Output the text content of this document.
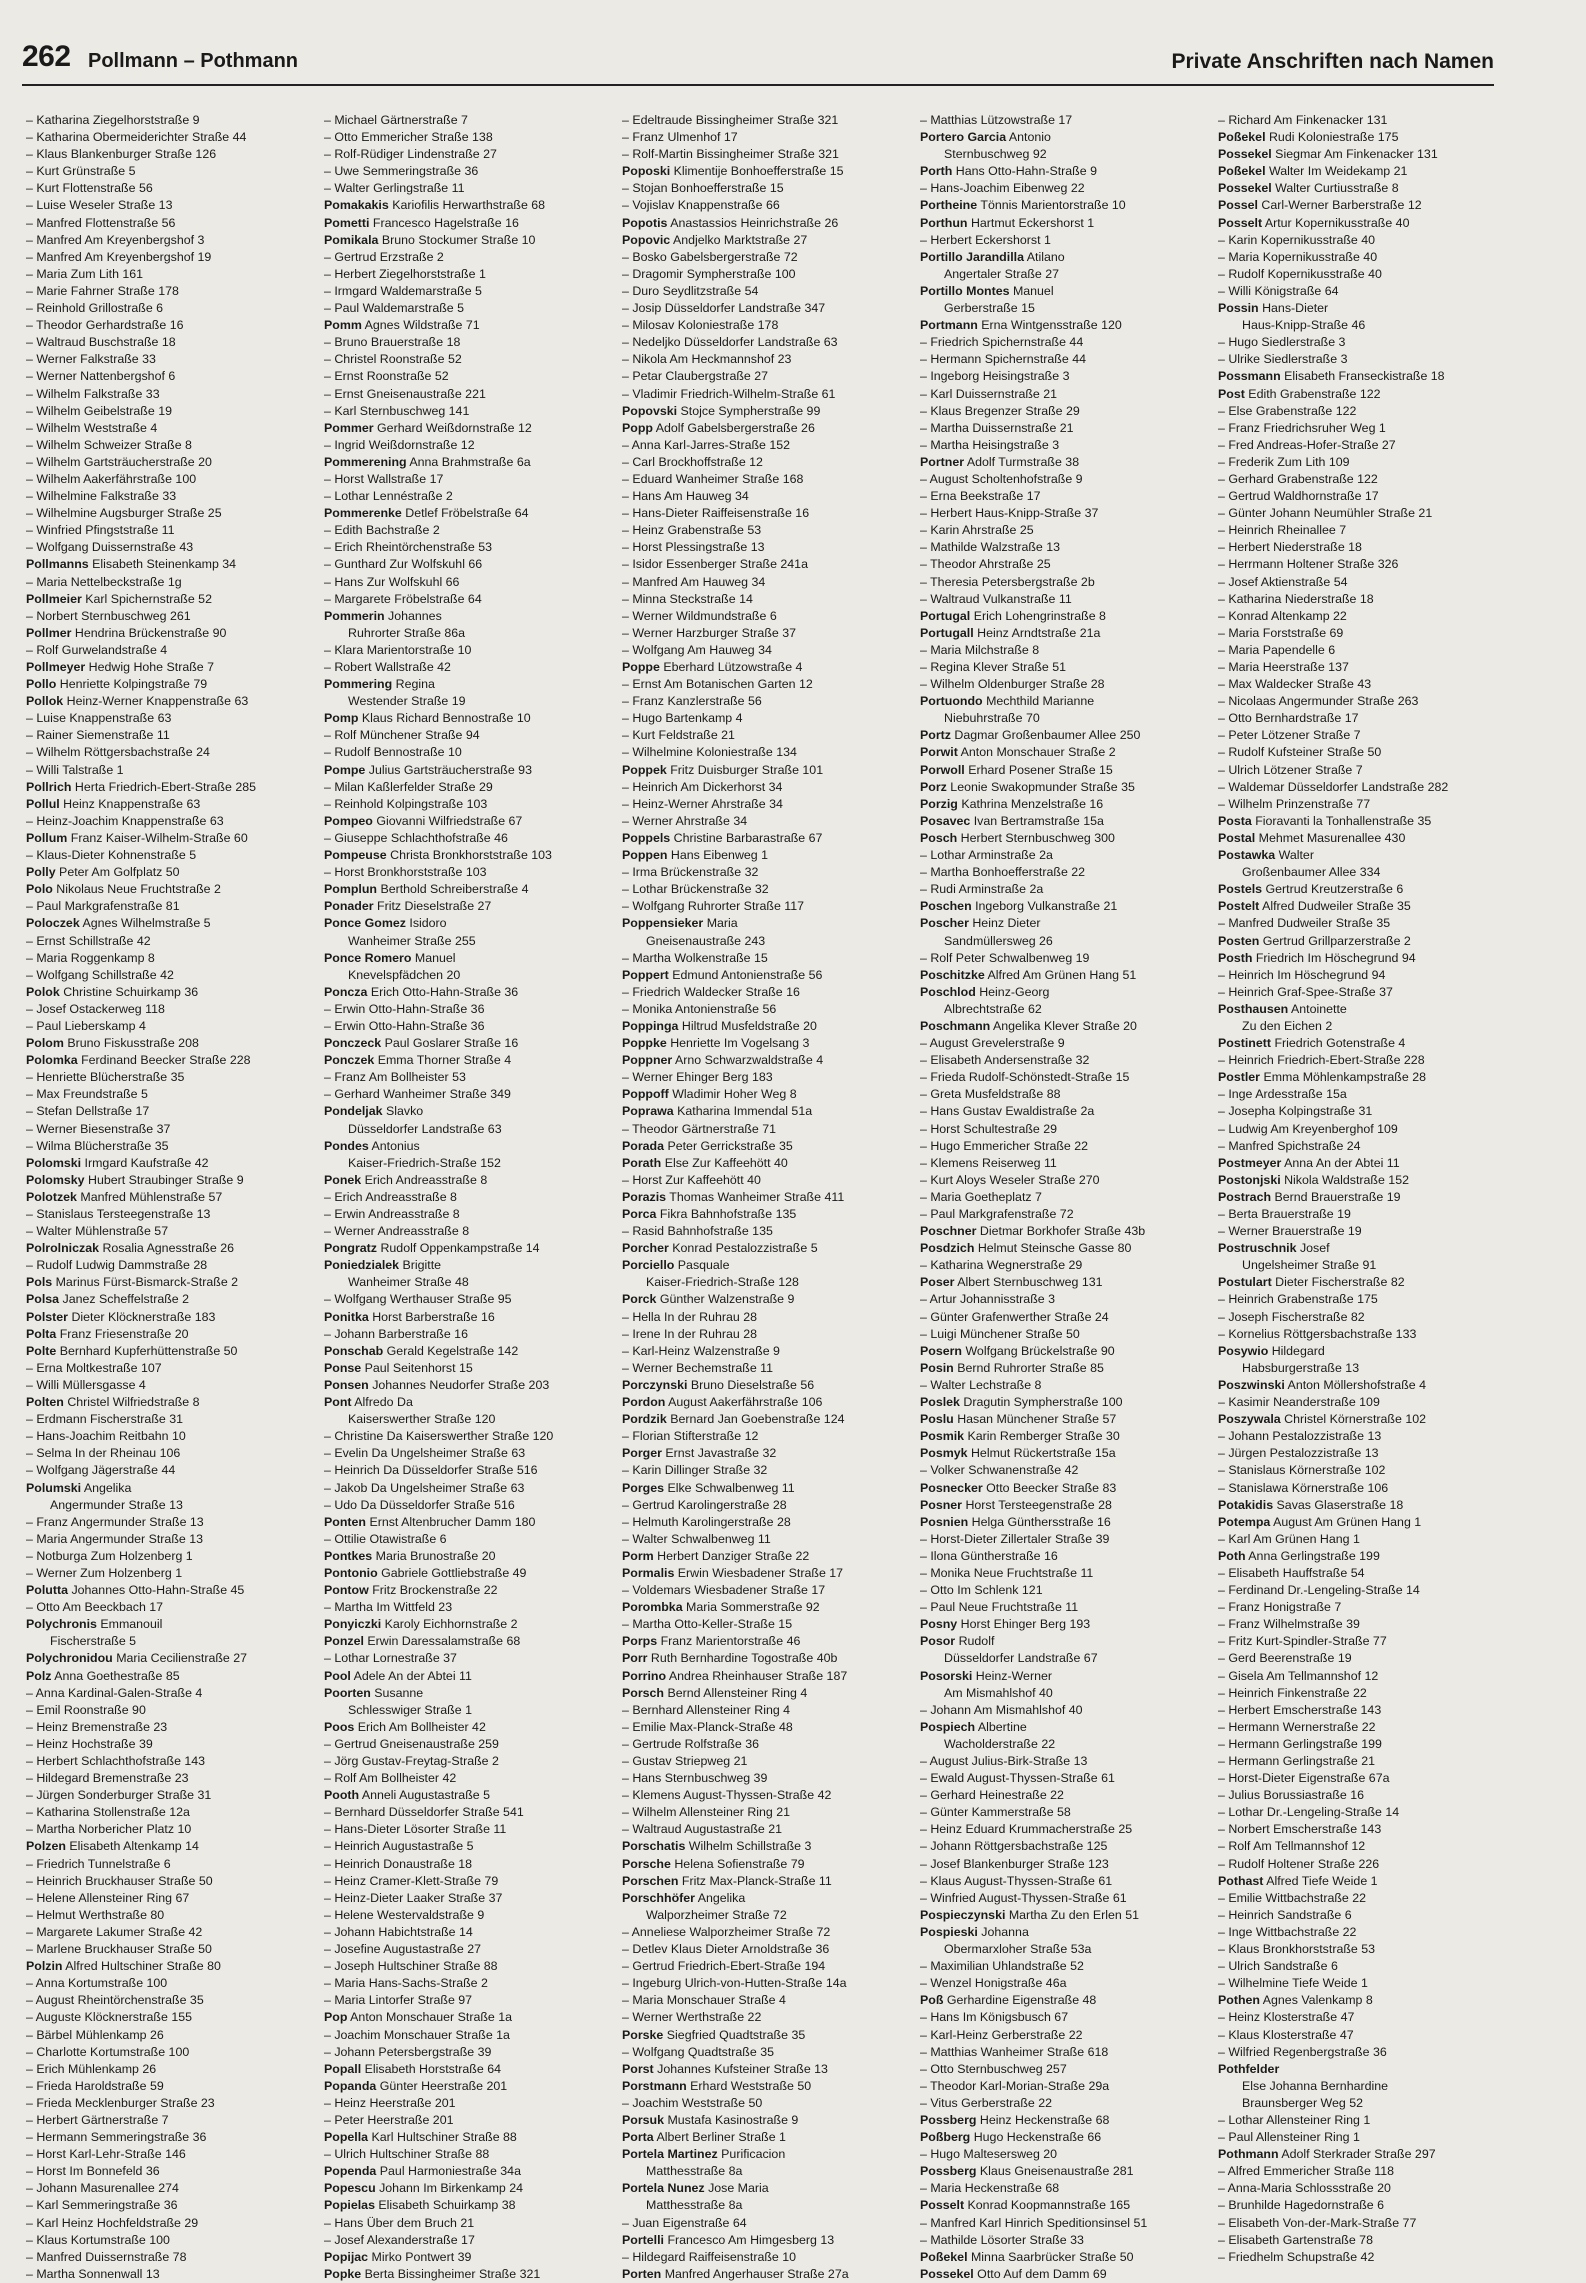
262 Pollmann – Pothmann	Private Anschriften nach Namen
– Katharina Ziegelhorststraße 9
– Katharina Obermeiderichter Straße 44
– Klaus Blankenburger Straße 126
– Kurt Grünstraße 5
– Kurt Flottenstraße 56
– Luise Weseler Straße 13
– Manfred Flottenstraße 56
– Manfred Am Kreyenbergshof 3
– Manfred Am Kreyenbergshof 19
– Maria Zum Lith 161
– Marie Fahrner Straße 178
– Reinhold Grillostraße 6
– Theodor Gerhardstraße 16
– Waltraud Buschstraße 18
– Werner Falkstraße 33
– Werner Nattenbergshof 6
– Wilhelm Falkstraße 33
– Wilhelm Geibelstraße 19
– Wilhelm Weststraße 4
– Wilhelm Schweizer Straße 8
– Wilhelm Gartsträucherstraße 20
– Wilhelm Aakerfährstraße 100
– Wilhelmine Falkstraße 33
– Wilhelmine Augsburger Straße 25
– Winfried Pfingststraße 11
– Wolfgang Duissernstraße 43
Pollmanns Elisabeth Steinenkamp 34
– Maria Nettelbeckstraße 1g
Pollmeier Karl Spichernstraße 52
– Norbert Sternbuschweg 261
Pollmer Hendrina Brückenstraße 90
– Rolf Gurwelandstraße 4
Pollmeyer Hedwig Hohe Straße 7
Pollo Henriette Kolpingstraße 79
Pollok Heinz-Werner Knappenstraße 63
– Luise Knappenstraße 63
– Rainer Siemenstraße 11
– Wilhelm Röttgersbachstraße 24
– Willi Talstraße 1
Pollrich Herta Friedrich-Ebert-Straße 285
Pollul Heinz Knappenstraße 63
– Heinz-Joachim Knappenstraße 63
Pollum Franz Kaiser-Wilhelm-Straße 60
– Klaus-Dieter Kohnenstraße 5
Polly Peter Am Golfplatz 50
Polo Nikolaus Neue Fruchtstraße 2
– Paul Markgrafenstraße 81
Poloczek Agnes Wilhelmstraße 5
– Ernst Schillstraße 42
– Maria Roggenkamp 8
– Wolfgang Schillstraße 42
Polok Christine Schuirkamp 36
– Josef Ostackerweg 118
– Paul Lieberskamp 4
Polom Bruno Fiskusstraße 208
Polomka Ferdinand Beecker Straße 228
– Henriette Blücherstraße 35
– Max Freundstraße 5
– Stefan Dellstraße 17
– Werner Biesenstraße 37
– Wilma Blücherstraße 35
Polomski Irmgard Kaufstraße 42
Polomsky Hubert Straubinger Straße 9
Polotzek Manfred Mühlenstraße 57
– Stanislaus Tersteegenstraße 13
– Walter Mühlenstraße 57
Polrolniczak Rosalia Agnesstraße 26
– Rudolf Ludwig Dammstraße 28
Pols Marinus Fürst-Bismarck-Straße 2
Polsa Janez Scheffelstraße 2
Polster Dieter Klöcknerstraße 183
Polta Franz Friesenstraße 20
Polte Bernhard Kupferhüttenstraße 50
– Erna Moltkestraße 107
– Willi Müllersgasse 4
Polten Christel Wilfriedstraße 8
– Erdmann Fischerstraße 31
– Hans-Joachim Reitbahn 10
– Selma In der Rheinau 106
– Wolfgang Jägerstraße 44
Polumski Angelika
Angermunder Straße 13
– Franz Angermunder Straße 13
– Maria Angermunder Straße 13
– Notburga Zum Holzenberg 1
– Werner Zum Holzenberg 1
Polutta Johannes Otto-Hahn-Straße 45
– Otto Am Beeckbach 17
Polychronis Emmanouil
Fischerstraße 5
Polychronidou Maria Cecilienstraße 27
Polz Anna Goethestraße 85
– Anna Kardinal-Galen-Straße 4
– Emil Roonstraße 90
– Heinz Bremenstraße 23
– Heinz Hochstraße 39
– Herbert Schlachthofstraße 143
– Hildegard Bremenstraße 23
– Jürgen Sonderburger Straße 31
– Katharina Stollenstraße 12a
– Martha Norbericher Platz 10
Polzen Elisabeth Altenkamp 14
– Friedrich Tunnelstraße 6
– Heinrich Bruckhauser Straße 50
– Helene Allensteiner Ring 67
– Helmut Werthstraße 80
– Margarete Lakumer Straße 42
– Marlene Bruckhauser Straße 50
Polzin Alfred Hultschiner Straße 80
– Anna Kortumstraße 100
– August Rheintörchenstraße 35
– Auguste Klöcknerstraße 155
– Bärbel Mühlenkamp 26
– Charlotte Kortumstraße 100
– Erich Mühlenkamp 26
– Frieda Haroldstraße 59
– Frieda Mecklenburger Straße 23
– Herbert Gärtnerstraße 7
– Hermann Semmeringstraße 36
– Horst Karl-Lehr-Straße 146
– Horst Im Bonnefeld 36
– Johann Masurenallee 274
– Karl Semmeringstraße 36
– Karl Heinz Hochfeldstraße 29
– Klaus Kortumstraße 100
– Manfred Duissernstraße 78
– Martha Sonnenwall 13
– Michael Gärtnerstraße 7
– Otto Emmericher Straße 138
– Rolf-Rüdiger Lindenstraße 27
– Uwe Semmeringstraße 36
– Walter Gerlingstraße 11
Pomakakis Kariofilis Herwarthstraße 68
Pometti Francesco Hagelstraße 16
Pomikala Bruno Stockumer Straße 10
– Gertrud Erzstraße 2
– Herbert Ziegelhorststraße 1
– Irmgard Waldemarstraße 5
– Paul Waldemarstraße 5
Pomm Agnes Wildstraße 71
– Bruno Brauerstraße 18
– Christel Roonstraße 52
– Ernst Roonstraße 52
– Ernst Gneisenaustraße 221
– Karl Sternbuschweg 141
Pommer Gerhard Weißdornstraße 12
– Ingrid Weißdornstraße 12
Pommerening Anna Brahmstraße 6a
– Horst Wallstraße 17
– Lothar Lennéstraße 2
Pommerenke Detlef Fröbelstraße 64
– Edith Bachstraße 2
– Erich Rheintörchenstraße 53
– Gunthard Zur Wolfskuhl 66
– Hans Zur Wolfskuhl 66
– Margarete Fröbelstraße 64
Pommerin Johannes
Ruhrorter Straße 86a
– Klara Marientorstraße 10
– Robert Wallstraße 42
Pommering Regina
Westender Straße 19
Pomp Klaus Richard Bennostraße 10
– Rolf Münchener Straße 94
– Rudolf Bennostraße 10
Pompe Julius Gartsträucherstraße 93
– Milan Kaßlerfelder Straße 29
– Reinhold Kolpingstraße 103
Pompeo Giovanni Wilfriedstraße 67
– Giuseppe Schlachthofstraße 46
Pompeuse Christa Bronkhorststraße 103
– Horst Bronkhorststraße 103
Pomplun Berthold Schreiberstraße 4
Ponader Fritz Dieselstraße 27
Ponce Gomez Isidoro
Wanheimer Straße 255
Ponce Romero Manuel
Knevelspfädchen 20
Poncza Erich Otto-Hahn-Straße 36
– Erwin Otto-Hahn-Straße 36
– Erwin Otto-Hahn-Straße 36
Ponczeck Paul Goslarer Straße 16
Ponczek Emma Thorner Straße 4
– Franz Am Bollheister 53
– Gerhard Wanheimer Straße 349
Pondeljak Slavko
Düsseldorfer Landstraße 63
Pondes Antonius
Kaiser-Friedrich-Straße 152
Ponek Erich Andreasstraße 8
– Erich Andreasstraße 8
– Erwin Andreasstraße 8
– Werner Andreasstraße 8
Pongratz Rudolf Oppenkampstraße 14
Poniedzialek Brigitte
Wanheimer Straße 48
– Wolfgang Werthauser Straße 95
Ponitka Horst Barberstraße 16
– Johann Barberstraße 16
Ponschab Gerald Kegelstraße 142
Ponse Paul Seitenhorst 15
Ponsen Johannes Neudorfer Straße 203
Pont Alfredo Da
Kaiserswerther Straße 120
– Christine Da Kaiserswerther Straße 120
– Evelin Da Ungelsheimer Straße 63
– Heinrich Da Düsseldorfer Straße 516
– Jakob Da Ungelsheimer Straße 63
– Udo Da Düsseldorfer Straße 516
Ponten Ernst Altenbrucher Damm 180
– Ottilie Otawistraße 6
Pontkes Maria Brunostraße 20
Pontonio Gabriele Gottliebstraße 49
Pontow Fritz Brockenstraße 22
– Martha Im Wittfeld 23
Ponyiczki Karoly Eichhornstraße 2
Ponzel Erwin Daressalamstraße 68
– Lothar Lornestraße 37
Pool Adele An der Abtei 11
Poorten Susanne
Schlesswiger Straße 1
Poos Erich Am Bollheister 42
– Gertrud Gneisenaustraße 259
– Jörg Gustav-Freytag-Straße 2
– Rolf Am Bollheister 42
Pooth Anneli Augustastraße 5
– Bernhard Düsseldorfer Straße 541
– Hans-Dieter Lösorter Straße 11
– Heinrich Augustastraße 5
– Heinrich Donaustraße 18
– Heinz Cramer-Klett-Straße 79
– Heinz-Dieter Laaker Straße 37
– Helene Westervaldstraße 9
– Johann Habichtstraße 14
– Josefine Augustastraße 27
– Joseph Hultschiner Straße 88
– Maria Hans-Sachs-Straße 2
– Maria Lintorfer Straße 97
Pop Anton Monschauer Straße 1a
– Joachim Monschauer Straße 1a
– Johann Petersbergstraße 39
Popall Elisabeth Horststraße 64
Popanda Günter Heerstraße 201
– Heinz Heerstraße 201
– Peter Heerstraße 201
Popella Karl Hultschiner Straße 88
– Ulrich Hultschiner Straße 88
Popenda Paul Harmoniestraße 34a
Popescu Johann Im Birkenkamp 24
Popielas Elisabeth Schuirkamp 38
– Hans Über dem Bruch 21
– Josef Alexanderstraße 17
Popijac Mirko Pontwert 39
Popke Berta Bissingheimer Straße 321
– Edeltraude Bissingheimer Straße 321
– Franz Ulmenhof 17
– Rolf-Martin Bissingheimer Straße 321
Poposki Klimentije Bonhoefferstraße 15
– Stojan Bonhoefferstraße 15
– Vojislav Knappenstraße 66
Popotis Anastassios Heinrichstraße 26
Popovic Andjelko Marktstraße 27
– Bosko Gabelsbergerstraße 72
– Dragomir Sympherstraße 100
– Duro Seydlitzstraße 54
– Josip Düsseldorfer Landstraße 347
– Milosav Koloniestraße 178
– Nedeljko Düsseldorfer Landstraße 63
– Nikola Am Heckmannshof 23
– Petar Claubergstraße 27
– Vladimir Friedrich-Wilhelm-Straße 61
Popovski Stojce Sympherstraße 99
Popp Adolf Gabelsbergerstraße 26
– Anna Karl-Jarres-Straße 152
– Carl Brockhoffstraße 12
– Eduard Wanheimer Straße 168
– Hans Am Hauweg 34
– Hans-Dieter Raiffeisenstraße 16
– Heinz Grabenstraße 53
– Horst Plessingstraße 13
– Isidor Essenberger Straße 241a
– Manfred Am Hauweg 34
– Minna Steckstraße 14
– Werner Wildmundstraße 6
– Werner Harzburger Straße 37
– Wolfgang Am Hauweg 34
Poppe Eberhard Lützowstraße 4
– Ernst Am Botanischen Garten 12
– Franz Kanzlerstraße 56
– Hugo Bartenkamp 4
– Kurt Feldstraße 21
– Wilhelmine Koloniestraße 134
Poppek Fritz Duisburger Straße 101
– Heinrich Am Dickerhorst 34
– Heinz-Werner Ahrstraße 34
– Werner Ahrstraße 34
Poppels Christine Barbarastraße 67
Poppen Hans Eibenweg 1
– Irma Brückenstraße 32
– Lothar Brückenstraße 32
– Wolfgang Ruhrorter Straße 117
Poppensieker Maria
Gneisenaustraße 243
– Martha Wolkenstraße 15
Poppert Edmund Antonienstraße 56
– Friedrich Waldecker Straße 16
– Monika Antonienstraße 56
Poppinga Hiltrud Musfeldstraße 20
Poppke Henriette Im Vogelsang 3
Poppner Arno Schwarzwaldstraße 4
– Werner Ehinger Berg 183
Poppoff Wladimir Hoher Weg 8
Poprawa Katharina Immendal 51a
– Theodor Gärtnerstraße 71
Porada Peter Gerrickstraße 35
Porath Else Zur Kaffeehött 40
– Horst Zur Kaffeehött 40
Porazis Thomas Wanheimer Straße 411
Porca Fikra Bahnhofstraße 135
– Rasid Bahnhofstraße 135
Porcher Konrad Pestalozzistraße 5
Porciello Pasquale
Kaiser-Friedrich-Straße 128
Porck Günther Walzenstraße 9
– Hella In der Ruhrau 28
– Irene In der Ruhrau 28
– Karl-Heinz Walzenstraße 9
– Werner Bechemstraße 11
Porczynski Bruno Dieselstraße 56
Pordon August Aakerfährstraße 106
Pordzik Bernard Jan Goebenstraße 124
– Florian Stifterstraße 12
Porger Ernst Javastraße 32
– Karin Dillinger Straße 32
Porges Elke Schwalbenweg 11
– Gertrud Karolingerstraße 28
– Helmuth Karolingerstraße 28
– Walter Schwalbenweg 11
Porm Herbert Danziger Straße 22
Pormalis Erwin Wiesbadener Straße 17
– Voldemars Wiesbadener Straße 17
Porombka Maria Sommerstraße 92
– Martha Otto-Keller-Straße 15
Porps Franz Marientorstraße 46
Porr Ruth Bernhardine Togostraße 40b
Porrino Andrea Rheinhauser Straße 187
Porsch Bernd Allensteiner Ring 4
– Bernhard Allensteiner Ring 4
– Emilie Max-Planck-Straße 48
– Gertrude Rolfstraße 36
– Gustav Striepweg 21
– Hans Sternbuschweg 39
– Klemens August-Thyssen-Straße 42
– Wilhelm Allensteiner Ring 21
– Waltraud Augustastraße 21
Porschatis Wilhelm Schillstraße 3
Porsche Helena Sofienstraße 79
Porschen Fritz Max-Planck-Straße 11
Porschhöfer Angelika
Walporzheimer Straße 72
– Anneliese Walporzheimer Straße 72
– Detlev Klaus Dieter Arnoldstraße 36
– Gertrud Friedrich-Ebert-Straße 194
– Ingeburg Ulrich-von-Hutten-Straße 14a
– Maria Monschauer Straße 4
– Werner Werthstraße 22
Porske Siegfried Quadtstraße 35
– Wolfgang Quadtstraße 35
Porst Johannes Kufsteiner Straße 13
Porstmann Erhard Weststraße 50
– Joachim Weststraße 50
Porsuk Mustafa Kasinostraße 9
Porta Albert Berliner Straße 1
Portela Martinez Purificacion
Matthesstraße 8a
Portela Nunez Jose Maria
Matthesstraße 8a
– Juan Eigenstraße 64
Portelli Francesco Am Himgesberg 13
– Hildegard Raiffeisenstraße 10
Porten Manfred Angerhauser Straße 27a
– Matthias Lützowstraße 17
Portero Garcia Antonio
Sternbuschweg 92
Porth Hans Otto-Hahn-Straße 9
– Hans-Joachim Eibenweg 22
Portheine Tönnis Marientorstraße 10
Porthun Hartmut Eckershorst 1
– Herbert Eckershorst 1
Portillo Jarandilla Atilano
Angertaler Straße 27
Portillo Montes Manuel
Gerberstraße 15
Portmann Erna Wintgensstraße 120
– Friedrich Spichernstraße 44
– Hermann Spichernstraße 44
– Ingeborg Heisingstraße 3
– Karl Duissernstraße 21
– Klaus Bregenzer Straße 29
– Martha Duissernstraße 21
– Martha Heisingstraße 3
Portner Adolf Turmstraße 38
– August Scholtenhofstraße 9
– Erna Beekstraße 17
– Herbert Haus-Knipp-Straße 37
– Karin Ahrstraße 25
– Mathilde Walzstraße 13
– Theodor Ahrstraße 25
– Theresia Petersbergstraße 2b
– Waltraud Vulkanstraße 11
Portugal Erich Lohengrinstraße 8
Portugall Heinz Arndtstraße 21a
– Maria Milchstraße 8
– Regina Klever Straße 51
– Wilhelm Oldenburger Straße 28
Portuondo Mechthild Marianne
Niebuhrstraße 70
Portz Dagmar Großenbaumer Allee 250
Porwit Anton Monschauer Straße 2
Porwoll Erhard Posener Straße 15
Porz Leonie Swakopmunder Straße 35
Porzig Kathrina Menzelstraße 16
Posavec Ivan Bertramstraße 15a
Posch Herbert Sternbuschweg 300
– Lothar Arminstraße 2a
– Martha Bonhoefferstraße 22
– Rudi Arminstraße 2a
Poschen Ingeborg Vulkanstraße 21
Poscher Heinz Dieter
Sandmüllersweg 26
– Rolf Peter Schwalbenweg 19
Poschitzke Alfred Am Grünen Hang 51
Poschlod Heinz-Georg
Albrechtstraße 62
Poschmann Angelika Klever Straße 20
– August Grevelerstraße 9
– Elisabeth Andersenstraße 32
– Frieda Rudolf-Schönstedt-Straße 15
– Greta Musfeldstraße 88
– Hans Gustav Ewaldistraße 2a
– Horst Schultestraße 29
– Hugo Emmericher Straße 22
– Klemens Reiserweg 11
– Kurt Aloys Weseler Straße 270
– Maria Goetheplatz 7
– Paul Markgrafenstraße 72
Poschner Dietmar Borkhofer Straße 43b
Posdzich Helmut Steinsche Gasse 80
– Katharina Wegnerstraße 29
Poser Albert Sternbuschweg 131
– Artur Johannisstraße 3
– Günter Grafenwerther Straße 24
– Luigi Münchener Straße 50
Posern Wolfgang Brückelstraße 90
Posin Bernd Ruhrorter Straße 85
– Walter Lechstraße 8
Poslek Dragutin Sympherstraße 100
Poslu Hasan Münchener Straße 57
Posmik Karin Remberger Straße 30
Posmyk Helmut Rückertstraße 15a
– Volker Schwanenstraße 42
Posnecker Otto Beecker Straße 83
Posner Horst Tersteegenstraße 28
Posnien Helga Günthersstraße 16
– Horst-Dieter Zillertaler Straße 39
– Ilona Güntherstraße 16
– Monika Neue Fruchtstraße 11
– Otto Im Schlenk 121
– Paul Neue Fruchtstraße 11
Posny Horst Ehinger Berg 193
Posor Rudolf
Düsseldorfer Landstraße 67
Posorski Heinz-Werner
Am Mismahlshof 40
– Johann Am Mismahlshof 40
Pospiech Albertine
Wacholderstraße 22
– August Julius-Birk-Straße 13
– Ewald August-Thyssen-Straße 61
– Gerhard Heinestraße 22
– Günter Kammerstraße 58
– Heinz Eduard Krummacherstraße 25
– Johann Röttgersbachstraße 125
– Josef Blankenburger Straße 123
– Klaus August-Thyssen-Straße 61
– Winfried August-Thyssen-Straße 61
Pospieczynski Martha Zu den Erlen 51
Pospieski Johanna
Obermarxloher Straße 53a
– Maximilian Uhlandstraße 52
– Wenzel Honigstraße 46a
Poß Gerhardine Eigenstraße 48
– Hans Im Königsbusch 67
– Karl-Heinz Gerberstraße 22
– Matthias Wanheimer Straße 618
– Otto Sternbuschweg 257
– Theodor Karl-Morian-Straße 29a
– Vitus Gerberstraße 22
Possberg Heinz Heckenstraße 68
Poßberg Hugo Heckenstraße 66
– Hugo Maltesersweg 20
Possberg Klaus Gneisenaustraße 281
– Maria Heckenstraße 68
Posselt Konrad Koopmannstraße 165
– Manfred Karl Hinrich Speditionsinsel 51
– Mathilde Lösorter Straße 33
Poßekel Minna Saarbrücker Straße 50
Possekel Otto Auf dem Damm 69
– Richard Am Finkenacker 131
Poßekel Rudi Koloniestraße 175
Possekel Siegmar Am Finkenacker 131
Poßekel Walter Im Weidekamp 21
Possekel Walter Curtiusstraße 8
Possel Carl-Werner Barberstraße 12
Posselt Artur Kopernikusstraße 40
– Karin Kopernikusstraße 40
– Maria Kopernikusstraße 40
– Rudolf Kopernikusstraße 40
– Willi Königstraße 64
Possin Hans-Dieter
Haus-Knipp-Straße 46
– Hugo Siedlerstraße 3
– Ulrike Siedlerstraße 3
Possmann Elisabeth Franseckistraße 18
Post Edith Grabenstraße 122
– Else Grabenstraße 122
– Franz Friedrichsruher Weg 1
– Fred Andreas-Hofer-Straße 27
– Frederik Zum Lith 109
– Gerhard Grabenstraße 122
– Gertrud Waldhornstraße 17
– Günter Johann Neumühler Straße 21
– Heinrich Rheinallee 7
– Herbert Niederstraße 18
– Herrmann Holtener Straße 326
– Josef Aktienstraße 54
– Katharina Niederstraße 18
– Konrad Altenkamp 22
– Maria Forststraße 69
– Maria Papendelle 6
– Maria Heerstraße 137
– Max Waldecker Straße 43
– Nicolaas Angermunder Straße 263
– Otto Bernhardstraße 17
– Peter Lötzener Straße 7
– Rudolf Kufsteiner Straße 50
– Ulrich Lötzener Straße 7
– Waldemar Düsseldorfer Landstraße 282
– Wilhelm Prinzenstraße 77
Posta Fioravanti la Tonhallenstraße 35
Postal Mehmet Masurenallee 430
Postawka Walter
Großenbaumer Allee 334
Postels Gertrud Kreutzerstraße 6
Postelt Alfred Dudweiler Straße 35
– Manfred Dudweiler Straße 35
Posten Gertrud Grillparzerstraße 2
Posth Friedrich Im Höschegrund 94
– Heinrich Im Höschegrund 94
– Heinrich Graf-Spee-Straße 37
Posthausen Antoinette
Zu den Eichen 2
Postinett Friedrich Gotenstraße 4
– Heinrich Friedrich-Ebert-Straße 228
Postler Emma Möhlenkampstraße 28
– Inge Ardesstraße 15a
– Josepha Kolpingstraße 31
– Ludwig Am Kreyenberghof 109
– Manfred Spichstraße 24
Postmeyer Anna An der Abtei 11
Postonjski Nikola Waldstraße 152
Postrach Bernd Brauerstraße 19
– Berta Brauerstraße 19
– Werner Brauerstraße 19
Postruschnik Josef
Ungelsheimer Straße 91
Postulart Dieter Fischerstraße 82
– Heinrich Grabenstraße 175
– Joseph Fischerstraße 82
– Kornelius Röttgersbachstraße 133
Posywio Hildegard
Habsburgerstraße 13
Poszwinski Anton Möllershofstraße 4
– Kasimir Neanderstraße 109
Poszywala Christel Körnerstraße 102
– Johann Pestalozzistraße 13
– Jürgen Pestalozzistraße 13
– Stanislaus Körnerstraße 102
– Stanislawa Körnerstraße 106
Potakidis Savas Glaserstraße 18
Potempa August Am Grünen Hang 1
– Karl Am Grünen Hang 1
Poth Anna Gerlingstraße 199
– Elisabeth Hauffstraße 54
– Ferdinand Dr.-Lengeling-Straße 14
– Franz Honigstraße 7
– Franz Wilhelmstraße 39
– Fritz Kurt-Spindler-Straße 77
– Gerd Beerenstraße 19
– Gisela Am Tellmannshof 12
– Heinrich Finkenstraße 22
– Herbert Emscherstraße 143
– Hermann Wernerstraße 22
– Hermann Gerlingstraße 199
– Hermann Gerlingstraße 21
– Horst-Dieter Eigenstraße 67a
– Julius Borussiastraße 16
– Lothar Dr.-Lengeling-Straße 14
– Norbert Emscherstraße 143
– Rolf Am Tellmannshof 12
– Rudolf Holtener Straße 226
Pothast Alfred Tiefe Weide 1
– Emilie Wittbachstraße 22
– Heinrich Sandstraße 6
– Inge Wittbachstraße 22
– Klaus Bronkhorststraße 53
– Ulrich Sandstraße 6
– Wilhelmine Tiefe Weide 1
Pothen Agnes Valenkamp 8
– Heinz Klosterstraße 47
– Klaus Klosterstraße 47
– Wilfried Regenbergstraße 36
Pothfelder
Else Johanna Bernhardine
Braunsberger Weg 52
– Lothar Allensteiner Ring 1
– Paul Allensteiner Ring 1
Pothmann Adolf Sterkrader Straße 297
– Alfred Emmericher Straße 118
– Anna-Maria Schlossstraße 20
– Brunhilde Hagedornstraße 6
– Elisabeth Von-der-Mark-Straße 77
– Elisabeth Gartenstraße 78
– Friedhelm Schupstraße 42
